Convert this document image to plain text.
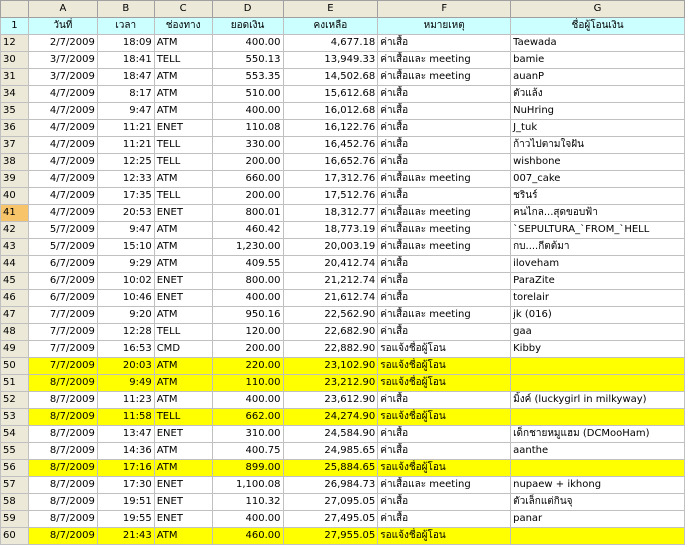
	A	B	C	D	E	F	G
1	วันที่	เวลา	ช่องทาง	ยอดเงิน	คงเหลือ	หมายเหตุ	ชื่อผู้โอนเงิน
12	2/7/2009	18:09	ATM	400.00	4,677.18	ค่าเสื้อ	Taewada
30	3/7/2009	18:41	TELL	550.13	13,949.33	ค่าเสื้อและ meeting	bamie
31	3/7/2009	18:47	ATM	553.35	14,502.68	ค่าเสื้อและ meeting	auanP
34	4/7/2009	8:17	ATM	510.00	15,612.68	ค่าเสื้อ	ตัวแล้ง
35	4/7/2009	9:47	ATM	400.00	16,012.68	ค่าเสื้อ	NuHring
36	4/7/2009	11:21	ENET	110.08	16,122.76	ค่าเสื้อ	J_tuk
37	4/7/2009	11:21	TELL	330.00	16,452.76	ค่าเสื้อ	ก้าวไปตามใจฝัน
38	4/7/2009	12:25	TELL	200.00	16,652.76	ค่าเสื้อ	wishbone
39	4/7/2009	12:33	ATM	660.00	17,312.76	ค่าเสื้อและ meeting	007_cake
40	4/7/2009	17:35	TELL	200.00	17,512.76	ค่าเสื้อ	ชรินร์
41	4/7/2009	20:53	ENET	800.01	18,312.77	ค่าเสื้อและ meeting	คนไกล...สุดขอบฟ้า
42	5/7/2009	9:47	ATM	460.42	18,773.19	ค่าเสื้อและ meeting	`SEPULTURA_`FROM_`HELL
43	5/7/2009	15:10	ATM	1,230.00	20,003.19	ค่าเสื้อและ meeting	กบ....กีตต้มา
44	6/7/2009	9:29	ATM	409.55	20,412.74	ค่าเสื้อ	iloveham
45	6/7/2009	10:02	ENET	800.00	21,212.74	ค่าเสื้อ	ParaZite
46	6/7/2009	10:46	ENET	400.00	21,612.74	ค่าเสื้อ	torelair
47	7/7/2009	9:20	ATM	950.16	22,562.90	ค่าเสื้อและ meeting	jk (016)
48	7/7/2009	12:28	TELL	120.00	22,682.90	ค่าเสื้อ	gaa
49	7/7/2009	16:53	CMD	200.00	22,882.90	รอแจ้งชื่อผู้โอน	Kibby
50	7/7/2009	20:03	ATM	220.00	23,102.90	รอแจ้งชื่อผู้โอน	
51	8/7/2009	9:49	ATM	110.00	23,212.90	รอแจ้งชื่อผู้โอน	
52	8/7/2009	11:23	ATM	400.00	23,612.90	ค่าเสื้อ	มิ้งค์ (luckygirl in milkyway)
53	8/7/2009	11:58	TELL	662.00	24,274.90	รอแจ้งชื่อผู้โอน	
54	8/7/2009	13:47	ENET	310.00	24,584.90	ค่าเสื้อ	เด็กชายหมูแฮม (DCMooHam)
55	8/7/2009	14:36	ATM	400.75	24,985.65	ค่าเสื้อ	aanthe
56	8/7/2009	17:16	ATM	899.00	25,884.65	รอแจ้งชื่อผู้โอน	
57	8/7/2009	17:30	ENET	1,100.08	26,984.73	ค่าเสื้อและ meeting	nupaew + ikhong
58	8/7/2009	19:51	ENET	110.32	27,095.05	ค่าเสื้อ	ตัวเล็กแต่กินจุ
59	8/7/2009	19:55	ENET	400.00	27,495.05	ค่าเสื้อ	panar
60	8/7/2009	21:43	ATM	460.00	27,955.05	รอแจ้งชื่อผู้โอน	
